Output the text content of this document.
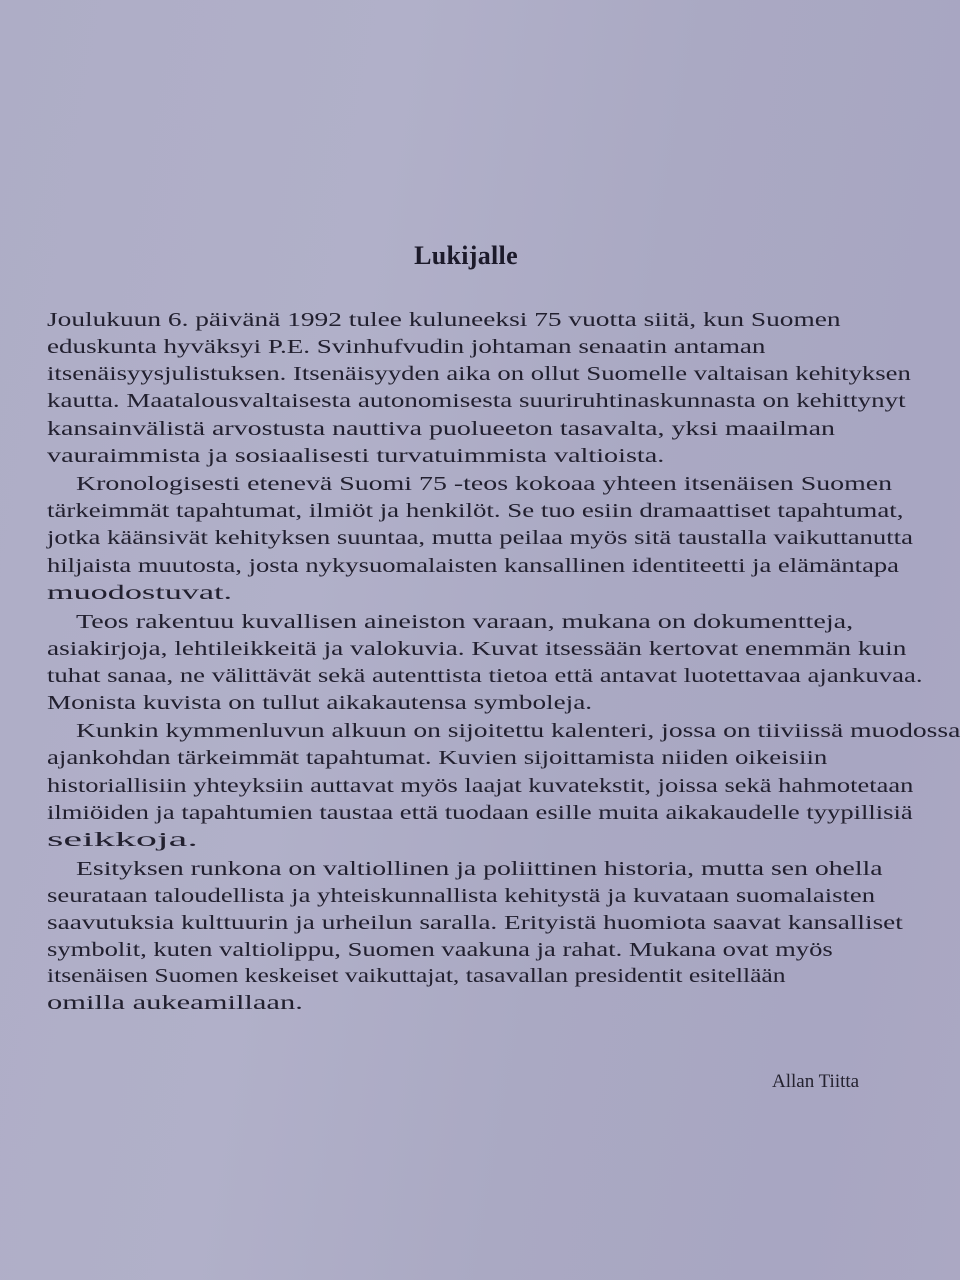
Lukijalle
Joulukuun 6. päivänä 1992 tulee kuluneeksi 75 vuotta siitä, kun Suomen
eduskunta hyväksyi P.E. Svinhufvudin johtaman senaatin antaman
itsenäisyysjulistuksen. Itsenäisyyden aika on ollut Suomelle valtaisan kehityksen
kautta. Maatalousvaltaisesta autonomisesta suuriruhtinaskunnasta on kehittynyt
kansainvälistä arvostusta nauttiva puolueeton tasavalta, yksi maailman
vauraimmista ja sosiaalisesti turvatuimmista valtioista.
Kronologisesti etenevä Suomi 75 -teos kokoaa yhteen itsenäisen Suomen
tärkeimmät tapahtumat, ilmiöt ja henkilöt. Se tuo esiin dramaattiset tapahtumat,
jotka käänsivät kehityksen suuntaa, mutta peilaa myös sitä taustalla vaikuttanutta
hiljaista muutosta, josta nykysuomalaisten kansallinen identiteetti ja elämäntapa
muodostuvat.
Teos rakentuu kuvallisen aineiston varaan, mukana on dokumentteja,
asiakirjoja, lehtileikkeitä ja valokuvia. Kuvat itsessään kertovat enemmän kuin
tuhat sanaa, ne välittävät sekä autenttista tietoa että antavat luotettavaa ajankuvaa.
Monista kuvista on tullut aikakautensa symboleja.
Kunkin kymmenluvun alkuun on sijoitettu kalenteri, jossa on tiiviissä muodossa
ajankohdan tärkeimmät tapahtumat. Kuvien sijoittamista niiden oikeisiin
historiallisiin yhteyksiin auttavat myös laajat kuvatekstit, joissa sekä hahmotetaan
ilmiöiden ja tapahtumien taustaa että tuodaan esille muita aikakaudelle tyypillisiä
seikkoja.
Esityksen runkona on valtiollinen ja poliittinen historia, mutta sen ohella
seurataan taloudellista ja yhteiskunnallista kehitystä ja kuvataan suomalaisten
saavutuksia kulttuurin ja urheilun saralla. Erityistä huomiota saavat kansalliset
symbolit, kuten valtiolippu, Suomen vaakuna ja rahat. Mukana ovat myös
itsenäisen Suomen keskeiset vaikuttajat, tasavallan presidentit esitellään
omilla aukeamillaan.
Allan Tiitta
